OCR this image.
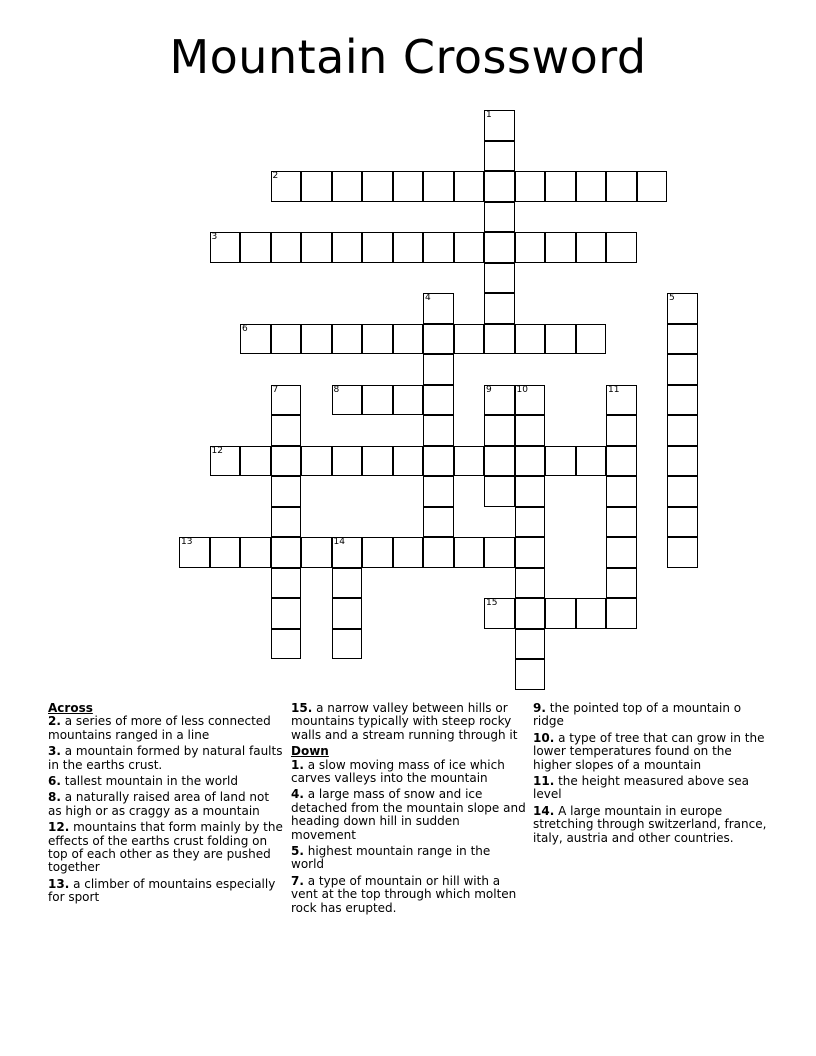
Mountain Crossword
1
2
3
4	5
6
7	8	9	10	11
12
13	14
15
Across
2. a series of more of less connected mountains ranged in a line
3. a mountain formed by natural faults in the earths crust.
6. tallest mountain in the world
8. a naturally raised area of land not as high or as craggy as a mountain
12. mountains that form mainly by the effects of the earths crust folding on top of each other as they are pushed together
13. a climber of mountains especially for sport
15. a narrow valley between hills or mountains typically with steep rocky walls and a stream running through it
Down
1. a slow moving mass of ice which carves valleys into the mountain
4. a large mass of snow and ice detached from the mountain slope and heading down hill in sudden movement
5. highest mountain range in the world
7. a type of mountain or hill with a vent at the top through which molten rock has erupted.
9. the pointed top of a mountain o ridge
10. a type of tree that can grow in the lower temperatures found on the higher slopes of a mountain
11. the height measured above sea level
14. A large mountain in europe stretching through switzerland, france, italy, austria and other countries.
